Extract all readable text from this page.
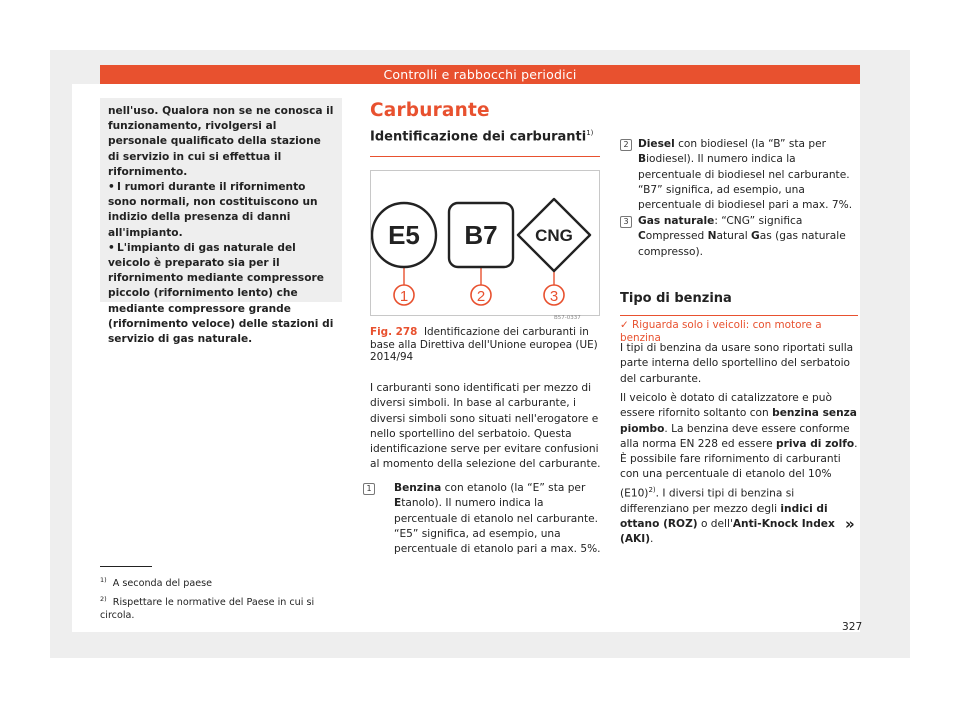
Controlli e rabbocchi periodici

nell'uso. Qualora non se ne conosca il funzionamento, rivolgersi al personale qualificato della stazione di servizio in cui si effettua il rifornimento.

• I rumori durante il rifornimento sono normali, non costituiscono un indizio della presenza di danni all'impianto.

• L'impianto di gas naturale del veicolo è preparato sia per il rifornimento mediante compressore piccolo (rifornimento lento) che mediante compressore grande (rifornimento veloce) delle stazioni di servizio di gas naturale.

Carburante
Identificazione dei carburanti$^{1)}$
E5 B7 CNG
1	2	3
B57-0337
Fig. 278 Identificazione dei carburanti in base alla Direttiva dell'Unione europea (UE) 2014/94
I carburanti sono identificati per mezzo di diversi simboli. In base al carburante, i diversi simboli sono situati nell'erogatore e nello sportellino del serbatoio. Questa identificazione serve per evitare confusioni al momento della selezione del carburante.
1	Benzina con etanolo (la “E” sta per Etanolo). Il numero indica la percentuale di etanolo nel carburante. “E5” significa, ad esempio, una percentuale di etanolo pari a max. 5%.
2 Diesel con biodiesel (la “B” sta per Biodiesel). Il numero indica la percentuale di biodiesel nel carburante. “B7” significa, ad esempio, una percentuale di biodiesel pari a max. 7%.
3 Gas naturale: “CNG” significa Compressed Natural Gas (gas naturale compresso).
Tipo di benzina
✓ Riguarda solo i veicoli: con motore a benzina
I tipi di benzina da usare sono riportati sulla parte interna dello sportellino del serbatoio del carburante.
Il veicolo è dotato di catalizzatore e può essere rifornito soltanto con benzina senza piombo. La benzina deve essere conforme alla norma EN 228 ed essere priva di zolfo. È possibile fare rifornimento di carburanti con una percentuale di etanolo del 10% $(E10)^{2)}$. I diversi tipi di benzina si differenziano per mezzo degli indici di ottano (ROZ) o dell'Anti-Knock Index (AKI).
»
$^{1)}$ A seconda del paese
$^{2)}$ Rispettare le normative del Paese in cui si circola.
327
